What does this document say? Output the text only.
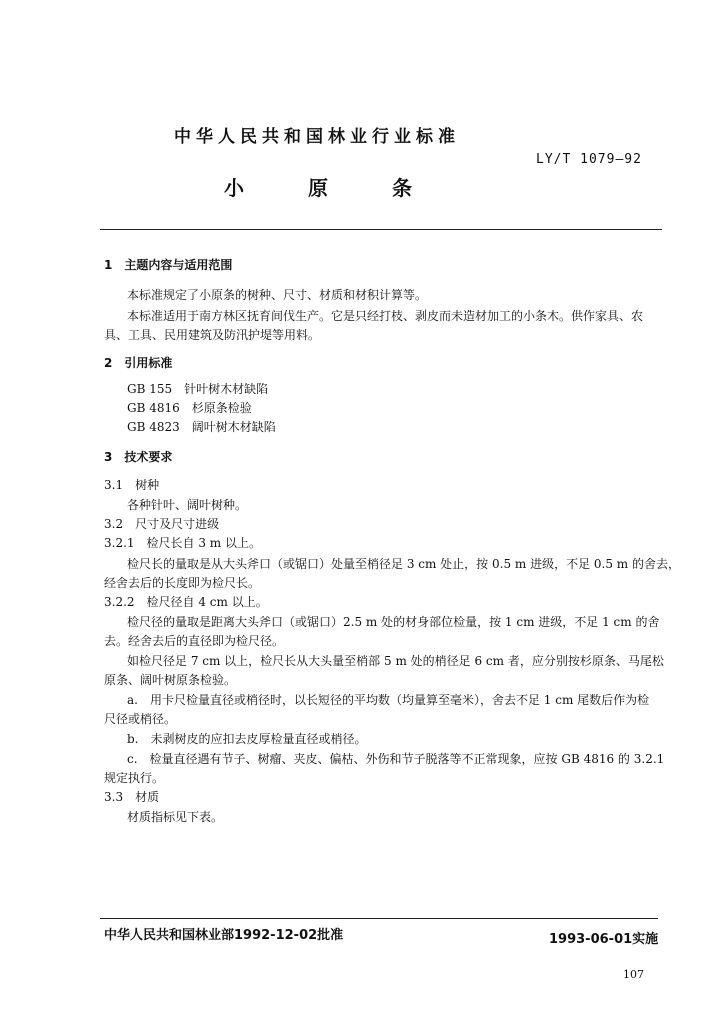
中华人民共和国林业行业标准
LY/T 1079—92
小原条
1　主题内容与适用范围
本标准规定了小原条的树种、尺寸、材质和材积计算等。
本标准适用于南方林区抚育间伐生产。它是只经打枝、剥皮而未造材加工的小条木。供作家具、农
具、工具、民用建筑及防汛护堤等用料。
2　引用标准
GB 155　针叶树木材缺陷
GB 4816　杉原条检验
GB 4823　阔叶树木材缺陷
3　技术要求
3.1　树种
各种针叶、阔叶树种。
3.2　尺寸及尺寸进级
3.2.1　检尺长自 3 m 以上。
检尺长的量取是从大头斧口（或锯口）处量至梢径足 3 cm 处止，按 0.5 m 进级，不足 0.5 m 的舍去，
经舍去后的长度即为检尺长。
3.2.2　检尺径自 4 cm 以上。
检尺径的量取是距离大头斧口（或锯口）2.5 m 处的材身部位检量，按 1 cm 进级，不足 1 cm 的舍
去。经舍去后的直径即为检尺径。
如检尺径足 7 cm 以上，检尺长从大头量至梢部 5 m 处的梢径足 6 cm 者，应分别按杉原条、马尾松
原条、阔叶树原条检验。
a.　用卡尺检量直径或梢径时，以长短径的平均数（均量算至毫米），舍去不足 1 cm 尾数后作为检
尺径或梢径。
b.　未剥树皮的应扣去皮厚检量直径或梢径。
c.　检量直径遇有节子、树瘤、夹皮、偏枯、外伤和节子脱落等不正常现象，应按 GB 4816 的 3.2.1
规定执行。
3.3　材质
材质指标见下表。
中华人民共和国林业部1992-12-02批准	1993-06-01实施
107
